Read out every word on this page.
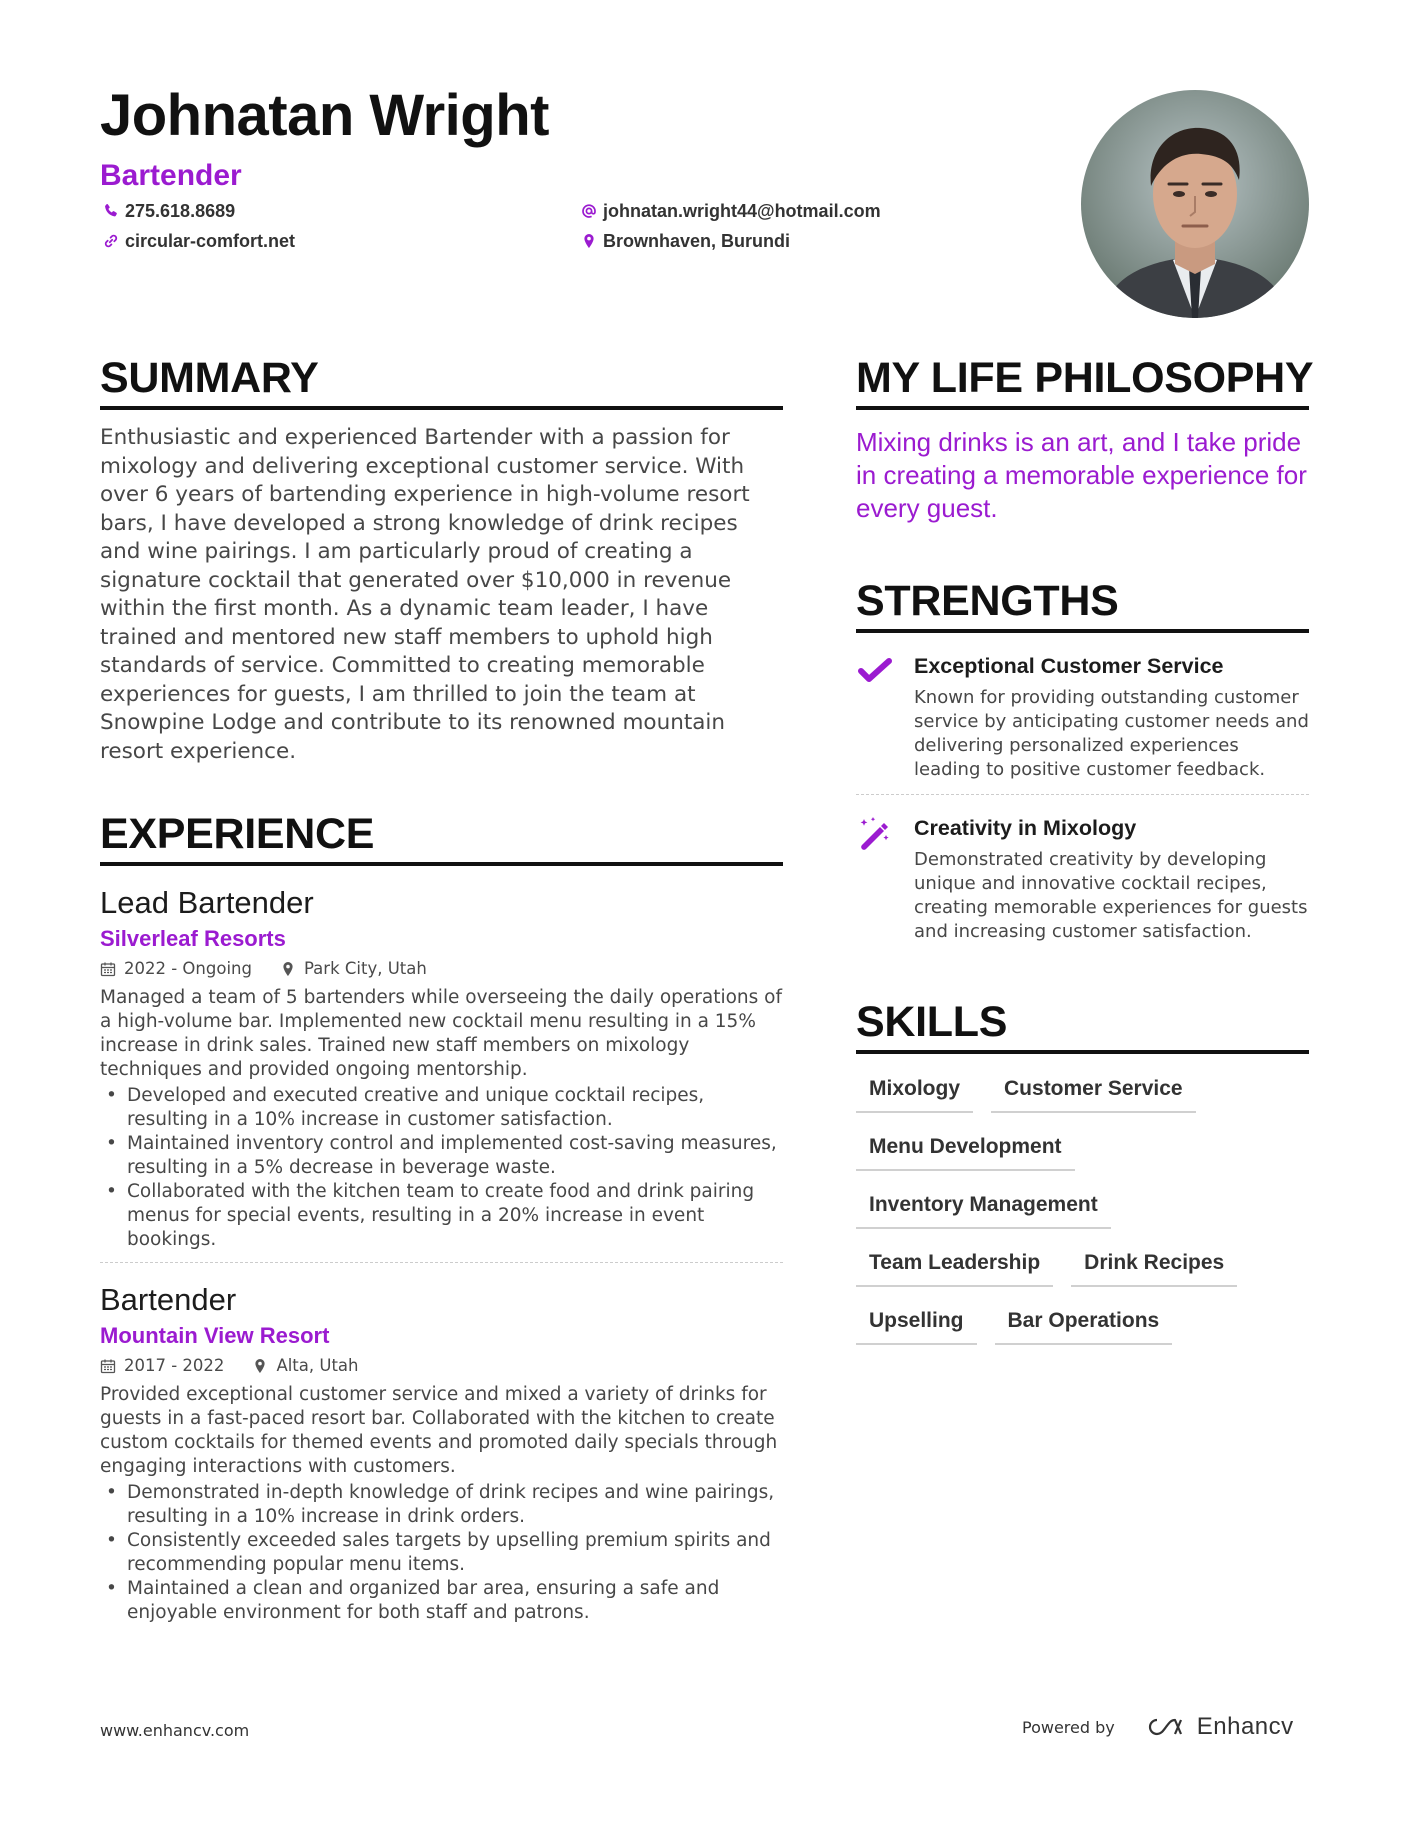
Johnatan Wright
Bartender
275.618.8689
circular-comfort.net
johnatan.wright44@hotmail.com
Brownhaven, Burundi
SUMMARY
Enthusiastic and experienced Bartender with a passion for mixology and delivering exceptional customer service. With over 6 years of bartending experience in high-volume resort bars, I have developed a strong knowledge of drink recipes and wine pairings. I am particularly proud of creating a signature cocktail that generated over $10,000 in revenue within the first month. As a dynamic team leader, I have trained and mentored new staff members to uphold high standards of service. Committed to creating memorable experiences for guests, I am thrilled to join the team at Snowpine Lodge and contribute to its renowned mountain resort experience.
EXPERIENCE
Lead Bartender
Silverleaf Resorts
2022 - Ongoing	Park City, Utah
Managed a team of 5 bartenders while overseeing the daily operations of a high-volume bar. Implemented new cocktail menu resulting in a 15% increase in drink sales. Trained new staff members on mixology techniques and provided ongoing mentorship.
• Developed and executed creative and unique cocktail recipes, resulting in a 10% increase in customer satisfaction.
• Maintained inventory control and implemented cost-saving measures, resulting in a 5% decrease in beverage waste.
• Collaborated with the kitchen team to create food and drink pairing menus for special events, resulting in a 20% increase in event bookings.
Bartender
Mountain View Resort
2017 - 2022	Alta, Utah
Provided exceptional customer service and mixed a variety of drinks for guests in a fast-paced resort bar. Collaborated with the kitchen to create custom cocktails for themed events and promoted daily specials through engaging interactions with customers.
• Demonstrated in-depth knowledge of drink recipes and wine pairings, resulting in a 10% increase in drink orders.
• Consistently exceeded sales targets by upselling premium spirits and recommending popular menu items.
• Maintained a clean and organized bar area, ensuring a safe and enjoyable environment for both staff and patrons.
MY LIFE PHILOSOPHY
Mixing drinks is an art, and I take pride in creating a memorable experience for every guest.
STRENGTHS
Exceptional Customer Service
Known for providing outstanding customer service by anticipating customer needs and delivering personalized experiences leading to positive customer feedback.
Creativity in Mixology
Demonstrated creativity by developing unique and innovative cocktail recipes, creating memorable experiences for guests and increasing customer satisfaction.
SKILLS
Mixology	Customer Service
Menu Development
Inventory Management
Team Leadership	Drink Recipes
Upselling	Bar Operations
www.enhancv.com	Powered by	Enhancv
